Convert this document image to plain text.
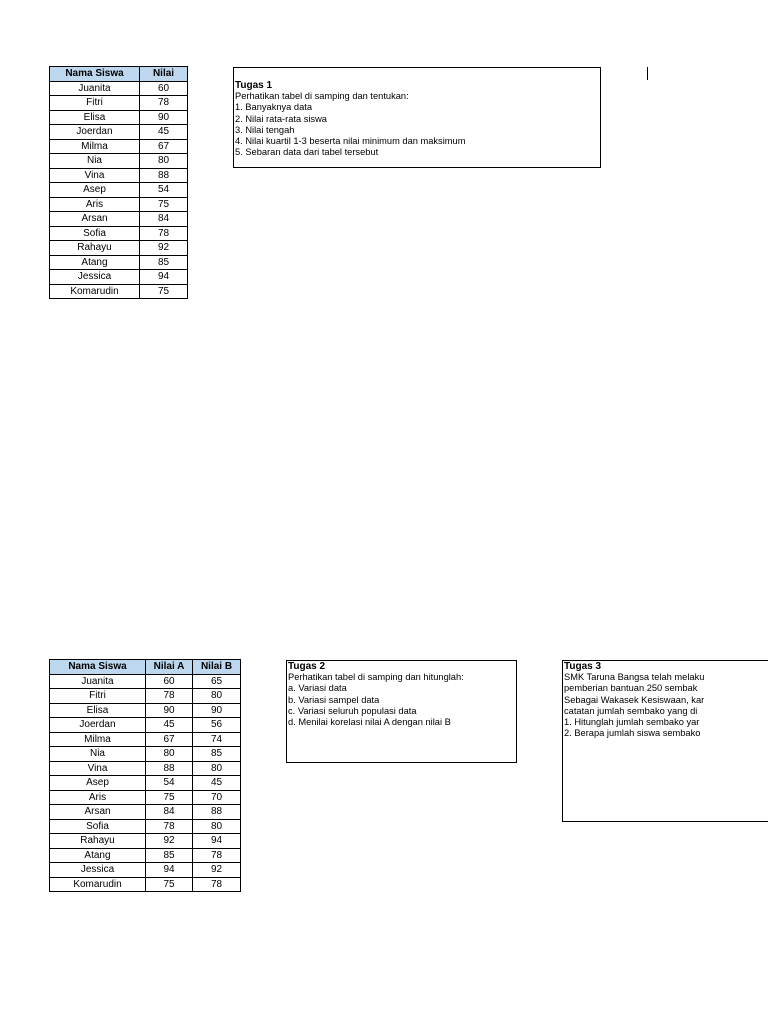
Nama Siswa	Nilai
Juanita	60
Fitri	78
Elisa	90
Joerdan	45
Milma	67
Nia	80
Vina	88
Asep	54
Aris	75
Arsan	84
Sofia	78
Rahayu	92
Atang	85
Jessica	94
Komarudin	75
Tugas 1
Perhatikan tabel di samping dan tentukan:
1. Banyaknya data
2. Nilai rata-rata siswa
3. Nilai tengah
4. Nilai kuartil 1-3 beserta nilai minimum dan maksimum
5. Sebaran data dari tabel tersebut
Nama Siswa	Nilai A	Nilai B
Juanita	60	65
Fitri	78	80
Elisa	90	90
Joerdan	45	56
Milma	67	74
Nia	80	85
Vina	88	80
Asep	54	45
Aris	75	70
Arsan	84	88
Sofia	78	80
Rahayu	92	94
Atang	85	78
Jessica	94	92
Komarudin	75	78
Tugas 2
Perhatikan tabel di samping dan hitunglah:
a. Variasi data
b. Variasi sampel data
c. Variasi seluruh populasi data
d. Menilai korelasi nilai A dengan nilai B
Tugas 3
SMK Taruna Bangsa telah melaku
pemberian bantuan 250 sembak
Sebagai Wakasek Kesiswaan, kar
catatan jumlah sembako yang di
1. Hitunglah jumlah sembako yar
2. Berapa jumlah siswa sembako
